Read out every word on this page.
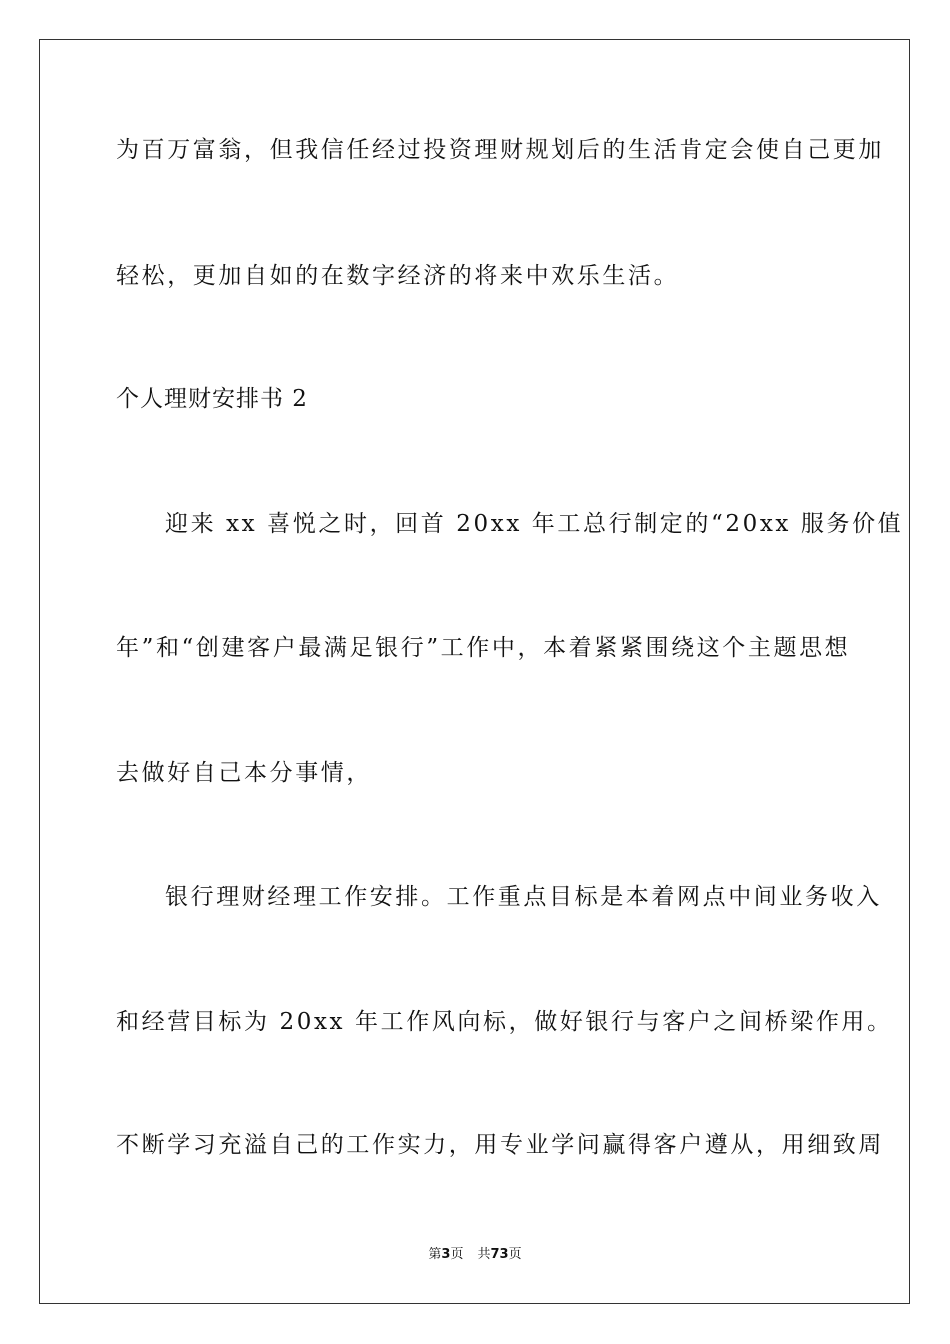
为百万富翁，但我信任经过投资理财规划后的生活肯定会使自己更加
轻松，更加自如的在数字经济的将来中欢乐生活。
个人理财安排书 2
迎来 xx 喜悦之时，回首 20xx 年工总行制定的“20xx 服务价值
年”和“创建客户最满足银行”工作中，本着紧紧围绕这个主题思想
去做好自己本分事情，
银行理财经理工作安排。工作重点目标是本着网点中间业务收入
和经营目标为 20xx 年工作风向标，做好银行与客户之间桥梁作用。
不断学习充溢自己的工作实力，用专业学问赢得客户遵从，用细致周
第3页 共73页
